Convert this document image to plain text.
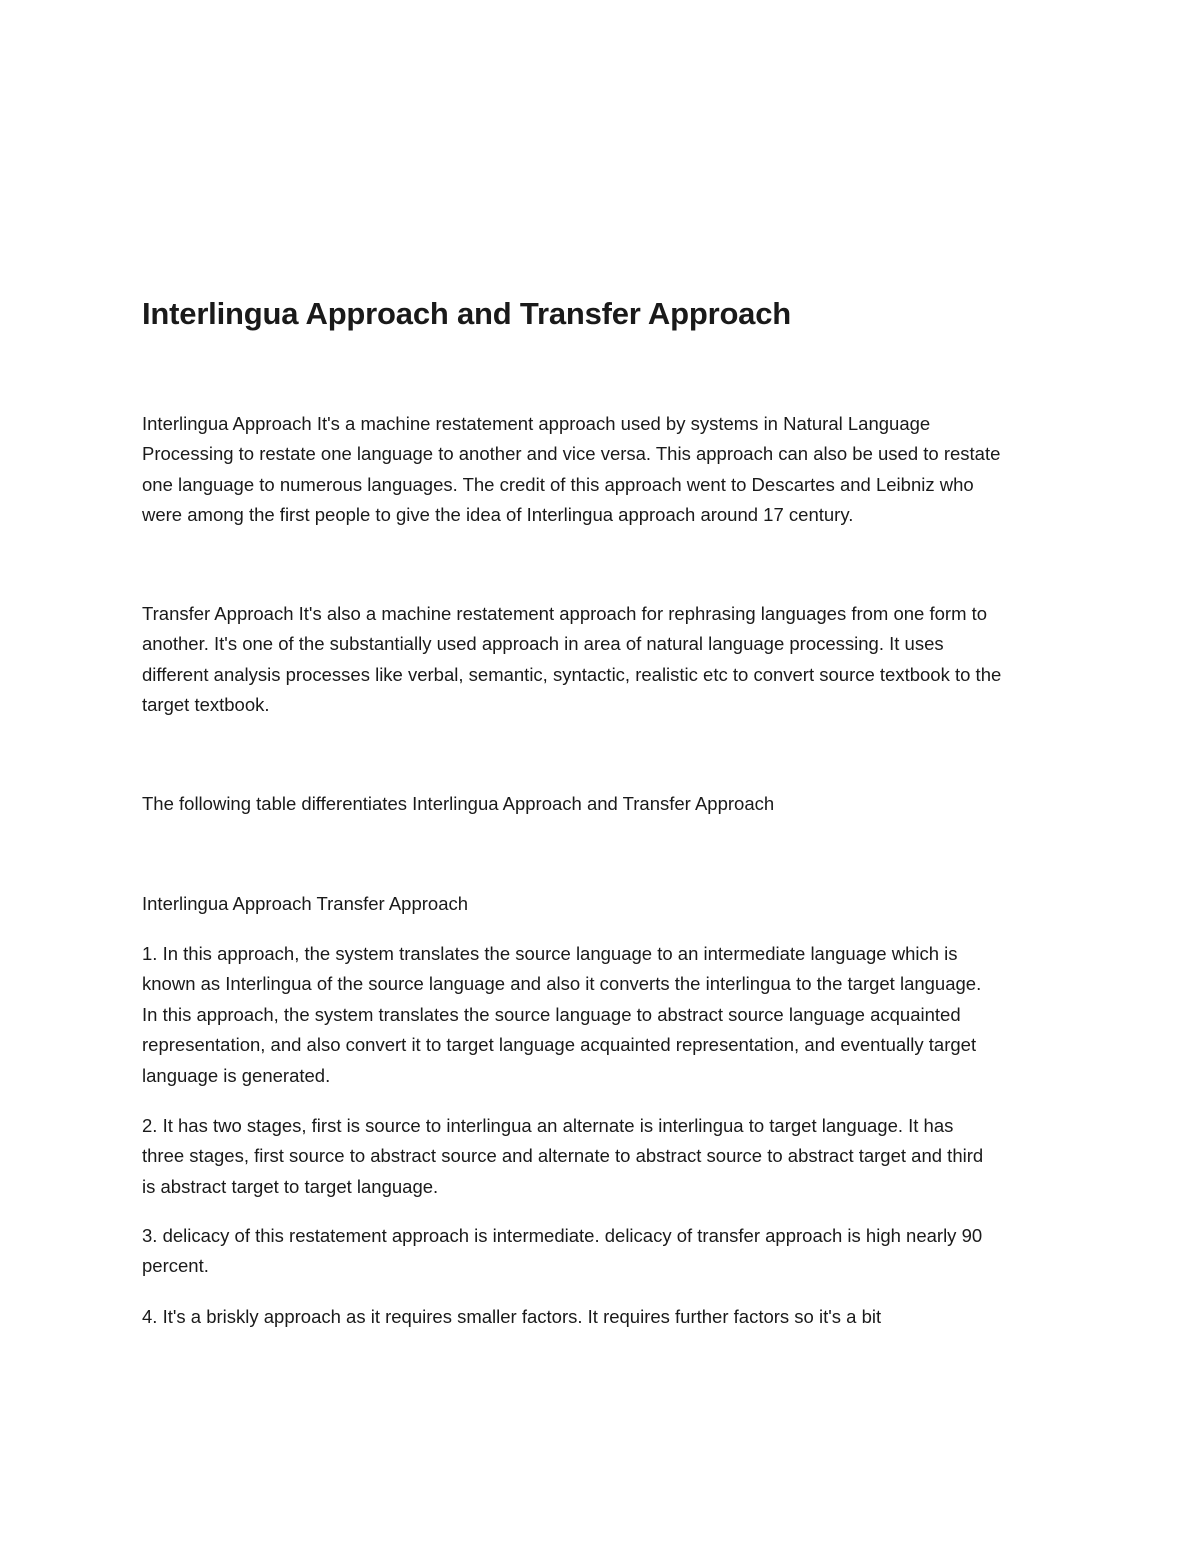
Interlingua Approach and Transfer Approach

Interlingua Approach It's a machine restatement approach used by systems in Natural Language
Processing to restate one language to another and vice versa. This approach can also be used to restate
one language to numerous languages. The credit of this approach went to Descartes and Leibniz who
were among the first people to give the idea of Interlingua approach around 17 century.

Transfer Approach It's also a machine restatement approach for rephrasing languages from one form to
another. It's one of the substantially used approach in area of natural language processing. It uses
different analysis processes like verbal, semantic, syntactic, realistic etc to convert source textbook to the
target textbook.

The following table differentiates Interlingua Approach and Transfer Approach

Interlingua Approach Transfer Approach

1. In this approach, the system translates the source language to an intermediate language which is
known as Interlingua of the source language and also it converts the interlingua to the target language.
In this approach, the system translates the source language to abstract source language acquainted
representation, and also convert it to target language acquainted representation, and eventually target
language is generated.

2. It has two stages, first is source to interlingua an alternate is interlingua to target language. It has
three stages, first source to abstract source and alternate to abstract source to abstract target and third
is abstract target to target language.

3. delicacy of this restatement approach is intermediate. delicacy of transfer approach is high nearly 90
percent.

4. It's a briskly approach as it requires smaller factors. It requires further factors so it's a bit
